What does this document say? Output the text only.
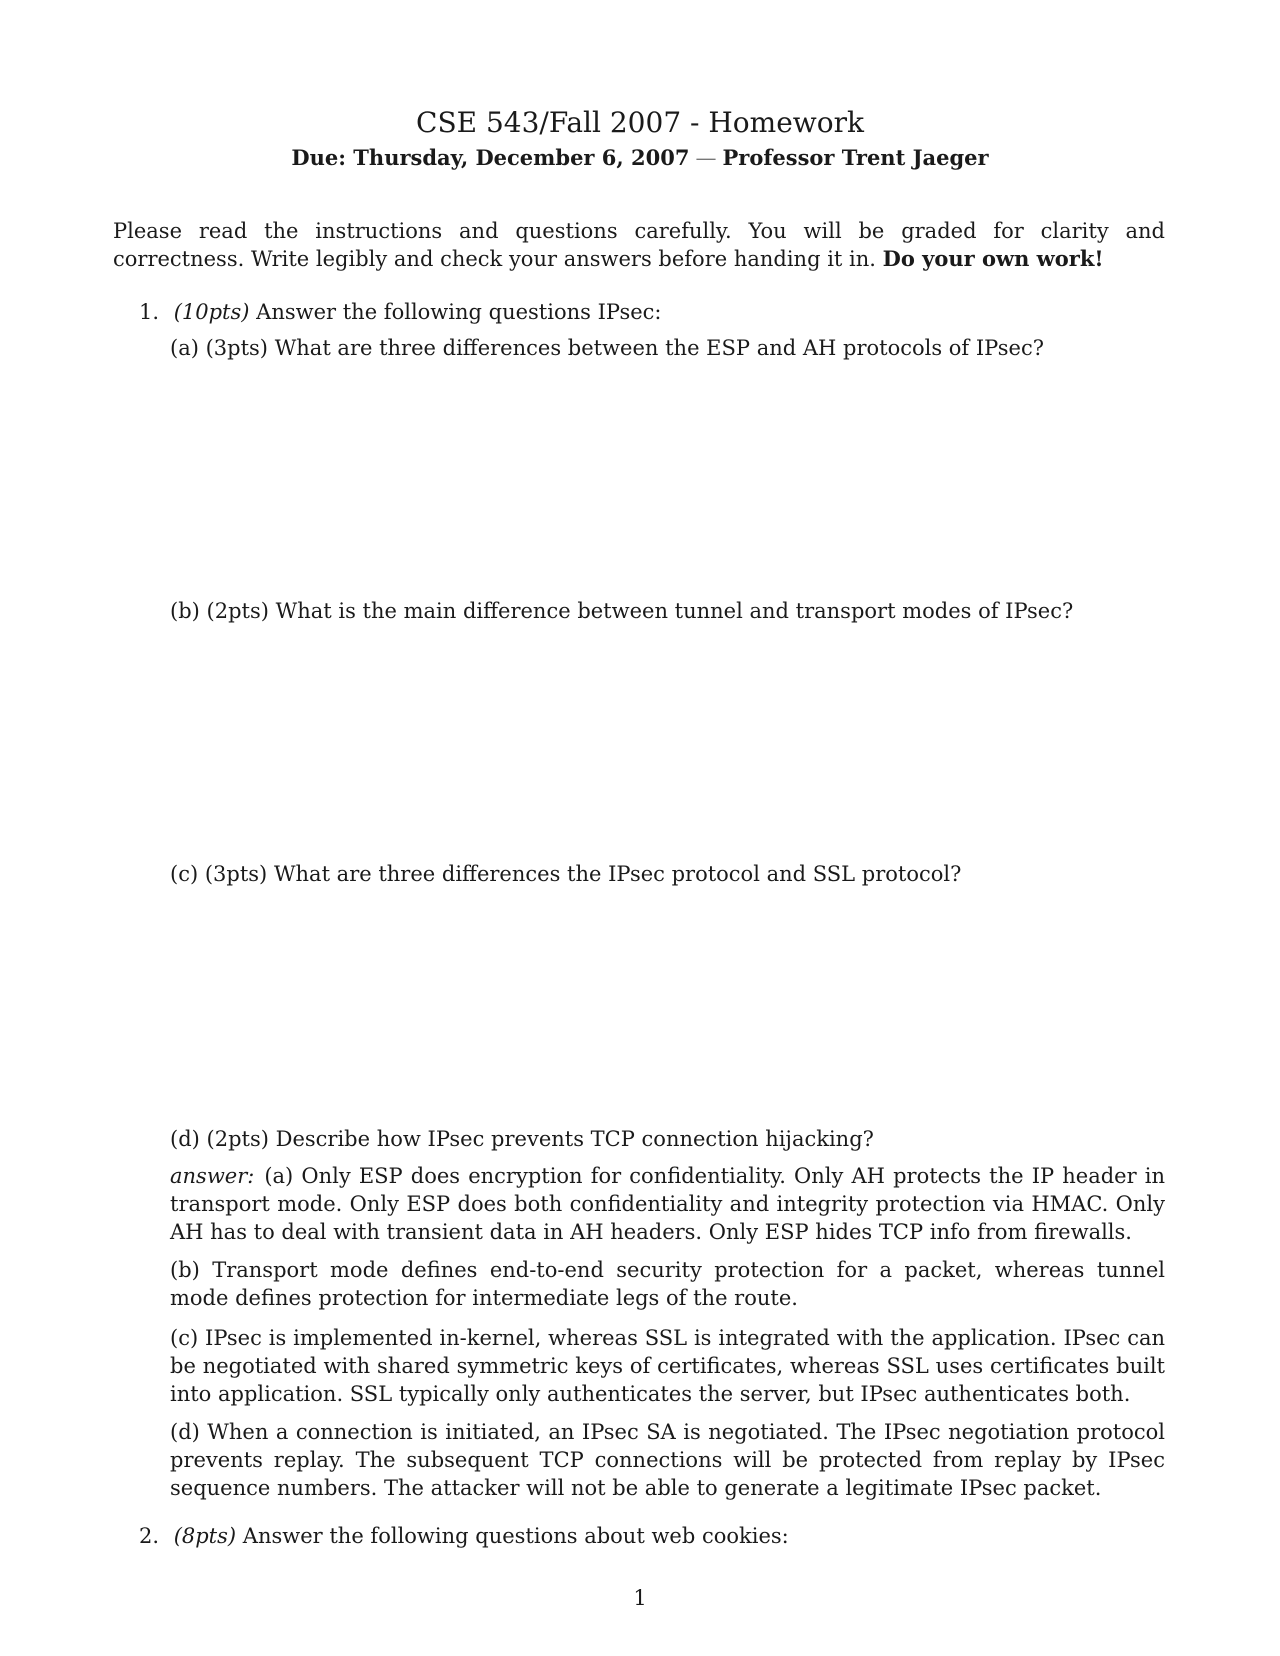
CSE 543/Fall 2007 - Homework
Due: Thursday, December 6, 2007 — Professor Trent Jaeger
Please read the instructions and questions carefully. You will be graded for clarity and correctness. Write legibly and check your answers before handing it in. Do your own work!
1. (10pts) Answer the following questions IPsec:
(a) (3pts) What are three differences between the ESP and AH protocols of IPsec?
(b) (2pts) What is the main difference between tunnel and transport modes of IPsec?
(c) (3pts) What are three differences the IPsec protocol and SSL protocol?
(d) (2pts) Describe how IPsec prevents TCP connection hijacking?
answer: (a) Only ESP does encryption for confidentiality. Only AH protects the IP header in transport mode. Only ESP does both confidentiality and integrity protection via HMAC. Only AH has to deal with transient data in AH headers. Only ESP hides TCP info from firewalls.
(b) Transport mode defines end-to-end security protection for a packet, whereas tunnel mode defines protection for intermediate legs of the route.
(c) IPsec is implemented in-kernel, whereas SSL is integrated with the application. IPsec can be negotiated with shared symmetric keys of certificates, whereas SSL uses certificates built into application. SSL typically only authenticates the server, but IPsec authenticates both.
(d) When a connection is initiated, an IPsec SA is negotiated. The IPsec negotiation protocol prevents replay. The subsequent TCP connections will be protected from replay by IPsec sequence numbers. The attacker will not be able to generate a legitimate IPsec packet.
2. (8pts) Answer the following questions about web cookies:
1
